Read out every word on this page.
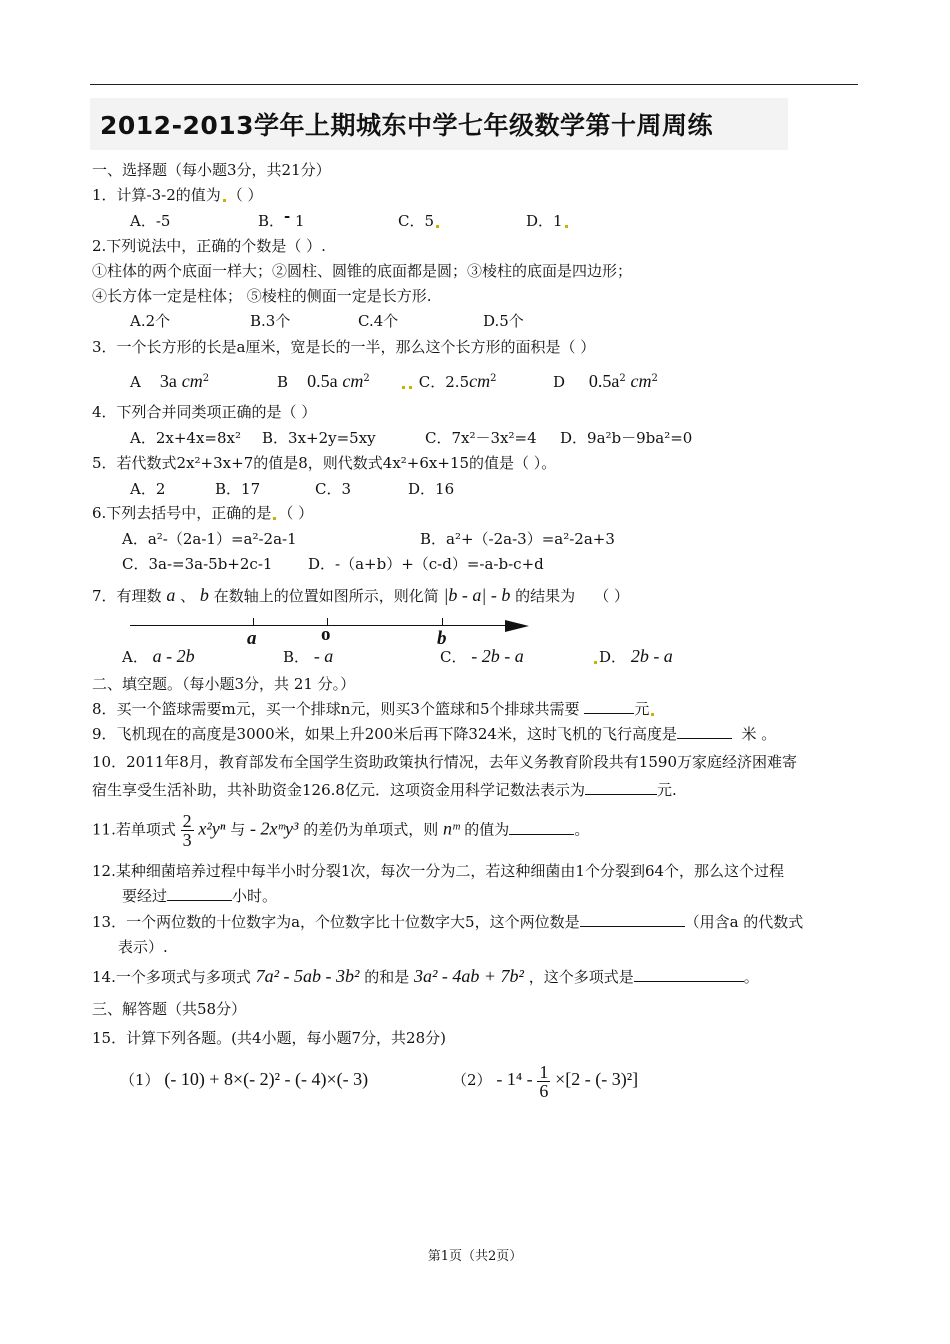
2012-2013学年上期城东中学七年级数学第十周周练
一、选择题（每小题3分，共21分）
1．计算-3-2的值为 （ ）
A．-5	B．- 1	C．5	D．1
2.下列说法中，正确的个数是（ ）.
①柱体的两个底面一样大；②圆柱、圆锥的底面都是圆；③棱柱的底面是四边形；
④长方体一定是柱体； ⑤棱柱的侧面一定是长方形.
A.2个	B.3个	C.4个	D.5个
3．一个长方形的长是a厘米，宽是长的一半，那么这个长方形的面积是（ ）
A 3a $cm^2$	B 0.5a $cm^2$	C．$2.5cm^2$	D $0.5a^2$ $cm^2$
4．下列合并同类项正确的是（ ）
A．2x+4x=8x² B．3x+2y=5xy	C．7x²－3x²=4 D．9a²b－9ba²=0
5．若代数式2x²+3x+7的值是8，则代数式4x²+6x+15的值是（ ）。
A．2	B．17	C．3	D．16
6.下列去括号中，正确的是 （ ）
A．a²-（2a-1）=a²-2a-1	B．a²+（-2a-3）=a²-2a+3
C．3a-=3a-5b+2c-1 D．-（a+b）+（c-d）=-a-b-c+d
7．有理数 a 、 b 在数轴上的位置如图所示，则化简 |b - a| - b 的结果为 （ ）
a	o	b
A． a - 2b	B． - a	C． - 2b - a	D． 2b - a
二、填空题。（每小题3分，共 21 分。）
8．买一个篮球需要m元，买一个排球n元，则买3个篮球和5个排球共需要	元
9．飞机现在的高度是3000米，如果上升200米后再下降324米，这时飞机的飞行高度是	米 。
10．2011年8月，教育部发布全国学生资助政策执行情况，去年义务教育阶段共有1590万家庭经济困难寄
宿生享受生活补助，共补助资金126.8亿元．这项资金用科学记数法表示为	元.
11.若单项式 $\frac{2}{3} x^2y^n$ 与 - 2xᵐy³ 的差仍为单项式，则 nᵐ 的值为	。
12.某种细菌培养过程中每半小时分裂1次，每次一分为二，若这种细菌由1个分裂到64个，那么这个过程
要经过	小时。
13．一个两位数的十位数字为a，个位数字比十位数字大5，这个两位数是	（用含a 的代数式
表示）.
14.一个多项式与多项式 7a² - 5ab - 3b² 的和是 3a² - 4ab + 7b² ，这个多项式是	。
三、解答题（共58分）
15．计算下列各题。(共4小题，每小题7分，共28分)
（1） (- 10) + 8×(- 2)² - (- 4)×(- 3)	$(2) - 1^4 - \frac{1}{6} \times[2$ - (- 3)²]
第1页（共2页）
